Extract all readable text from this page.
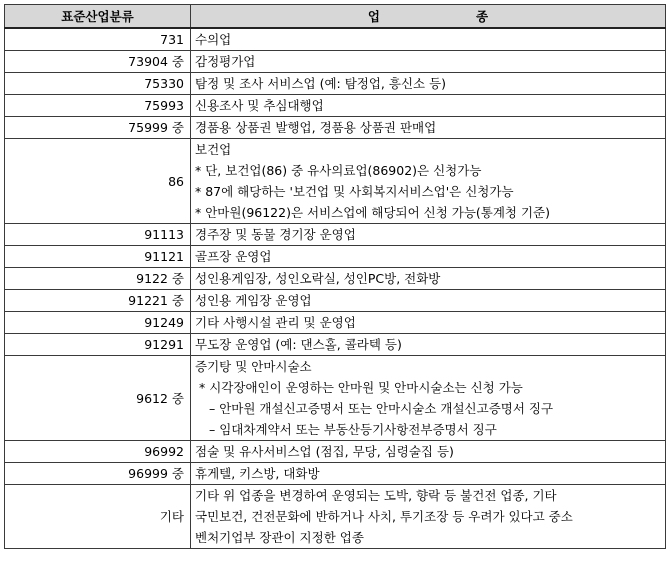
표준산업분류	업 종
731	수의업

73904 중	감정평가업

75330	탐정 및 조사 서비스업 (예: 탐정업, 흥신소 등)

75993	신용조사 및 추심대행업

75999 중	경품용 상품권 발행업, 경품용 상품권 판매업

86	보건업
* 단, 보건업(86) 중 유사의료업(86902)은 신청가능
* 87에 해당하는 '보건업 및 사회복지서비스업'은 신청가능
* 안마원(96122)은 서비스업에 해당되어 신청 가능(통계청 기준)

91113	경주장 및 동물 경기장 운영업

91121	골프장 운영업

9122 중	성인용게임장, 성인오락실, 성인PC방, 전화방

91221 중	성인용 게임장 운영업

91249	기타 사행시설 관리 및 운영업

91291	무도장 운영업 (예: 댄스홀, 콜라텍 등)

9612 중	증기탕 및 안마시술소
* 시각장애인이 운영하는 안마원 및 안마시술소는 신청 가능
– 안마원 개설신고증명서 또는 안마시술소 개설신고증명서 징구
– 임대차계약서 또는 부동산등기사항전부증명서 징구

96992	점술 및 유사서비스업 (점집, 무당, 심령술집 등)

96999 중	휴게텔, 키스방, 대화방

기타	기타 위 업종을 변경하여 운영되는 도박, 향락 등 불건전 업종, 기타
국민보건, 건전문화에 반하거나 사치, 투기조장 등 우려가 있다고 중소
벤처기업부 장관이 지정한 업종
